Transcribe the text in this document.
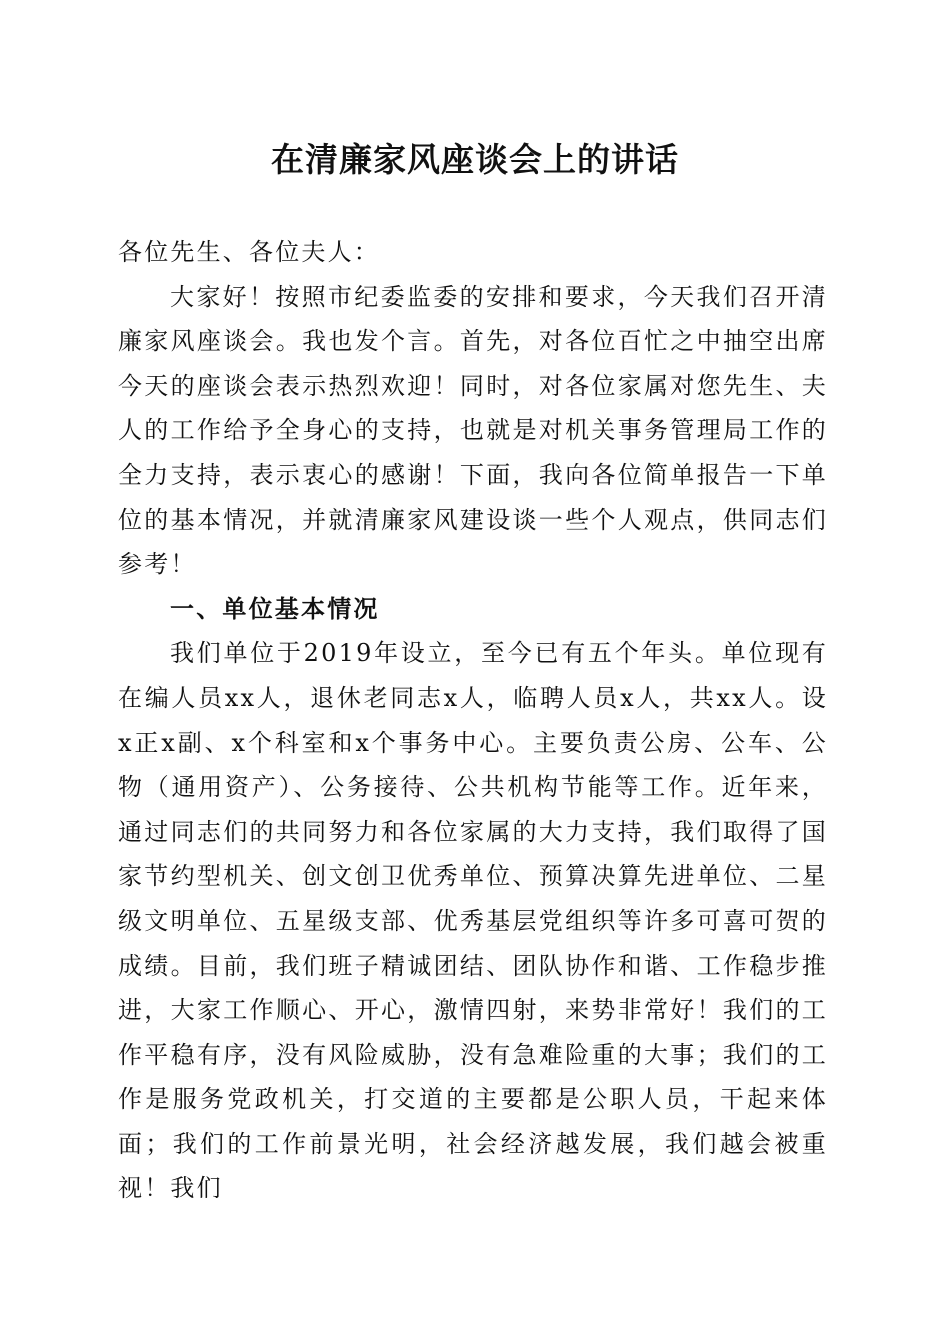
在清廉家风座谈会上的讲话

各位先生、各位夫人：

大家好！按照市纪委监委的安排和要求，今天我们召开清廉家风座谈会。我也发个言。首先，对各位百忙之中抽空出席今天的座谈会表示热烈欢迎！同时，对各位家属对您先生、夫人的工作给予全身心的支持，也就是对机关事务管理局工作的全力支持，表示衷心的感谢！下面，我向各位简单报告一下单位的基本情况，并就清廉家风建设谈一些个人观点，供同志们参考！

一、单位基本情况

我们单位于2019年设立，至今已有五个年头。单位现有在编人员xx人，退休老同志x人，临聘人员x人，共xx人。设x正x副、x个科室和x个事务中心。主要负责公房、公车、公物（通用资产）、公务接待、公共机构节能等工作。近年来，通过同志们的共同努力和各位家属的大力支持，我们取得了国家节约型机关、创文创卫优秀单位、预算决算先进单位、二星级文明单位、五星级支部、优秀基层党组织等许多可喜可贺的成绩。目前，我们班子精诚团结、团队协作和谐、工作稳步推进，大家工作顺心、开心，激情四射，来势非常好！我们的工作平稳有序，没有风险威胁，没有急难险重的大事；我们的工作是服务党政机关，打交道的主要都是公职人员，干起来体面；我们的工作前景光明，社会经济越发展，我们越会被重视！我们
